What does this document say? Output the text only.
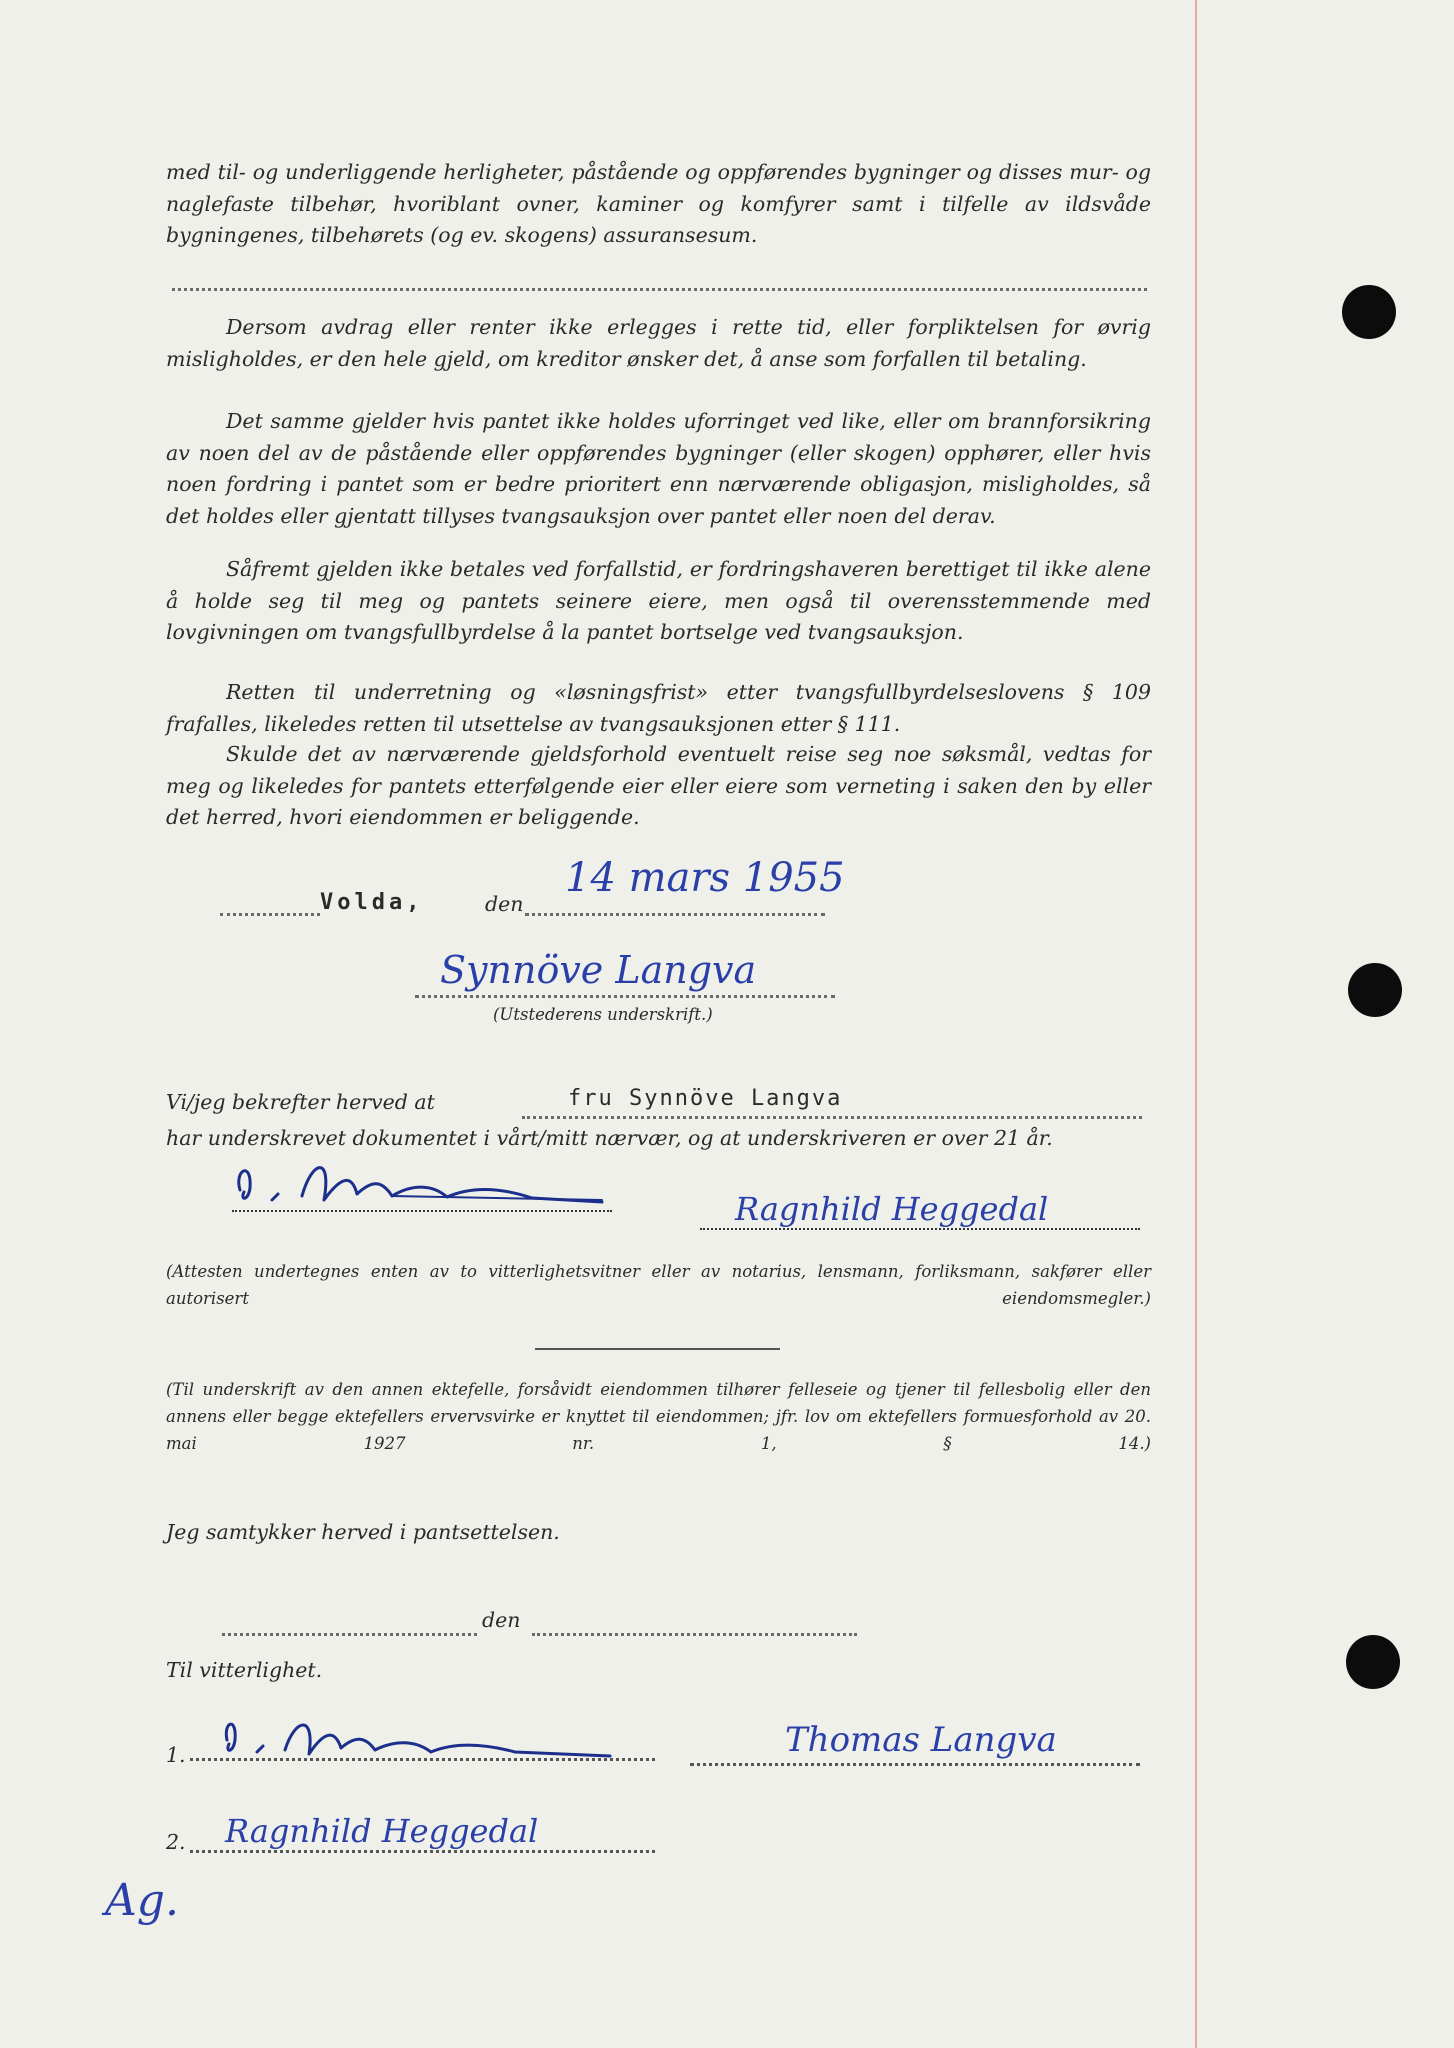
med til- og underliggende herligheter, påstående og oppførendes bygninger og disses mur- og naglefaste tilbehør, hvoriblant ovner, kaminer og komfyrer samt i tilfelle av ildsvåde bygningenes, tilbehørets (og ev. skogens) assuransesum.

Dersom avdrag eller renter ikke erlegges i rette tid, eller forpliktelsen for øvrig misligholdes, er den hele gjeld, om kreditor ønsker det, å anse som forfallen til betaling.

Det samme gjelder hvis pantet ikke holdes uforringet ved like, eller om brannforsikring av noen del av de påstående eller oppførendes bygninger (eller skogen) opphører, eller hvis noen fordring i pantet som er bedre prioritert enn nærværende obligasjon, misligholdes, så det holdes eller gjentatt tillyses tvangsauksjon over pantet eller noen del derav.

Såfremt gjelden ikke betales ved forfallstid, er fordringshaveren berettiget til ikke alene å holde seg til meg og pantets seinere eiere, men også til overensstemmende med lovgivningen om tvangsfullbyrdelse å la pantet bortselge ved tvangsauksjon.

Retten til underretning og «løsningsfrist» etter tvangsfullbyrdelseslovens § 109 frafalles, likeledes retten til utsettelse av tvangsauksjonen etter § 111.

Skulde det av nærværende gjeldsforhold eventuelt reise seg noe søksmål, vedtas for meg og likeledes for pantets etterfølgende eier eller eiere som verneting i saken den by eller det herred, hvori eiendommen er beliggende.

Volda,	den
14 mars 1955
Synnöve Langva
(Utstederens underskrift.)
Vi/jeg bekrefter herved at	fru Synnöve Langva

har underskrevet dokumentet i vårt/mitt nærvær, og at underskriveren er over 21 år.

Ragnhild Heggedal

(Attesten undertegnes enten av to vitterlighetsvitner eller av notarius, lensmann, forliksmann, sakfører eller autorisert eiendomsmegler.)

(Til underskrift av den annen ektefelle, forsåvidt eiendommen tilhører felleseie og tjener til fellesbolig eller den annens eller begge ektefellers ervervsvirke er knyttet til eiendommen; jfr. lov om ektefellers formuesforhold av 20. mai 1927 nr. 1, § 14.)

Jeg samtykker herved i pantsettelsen.
den
Til vitterlighet.
1.	Thomas Langva
2. Ragnhild Heggedal
Ag.
